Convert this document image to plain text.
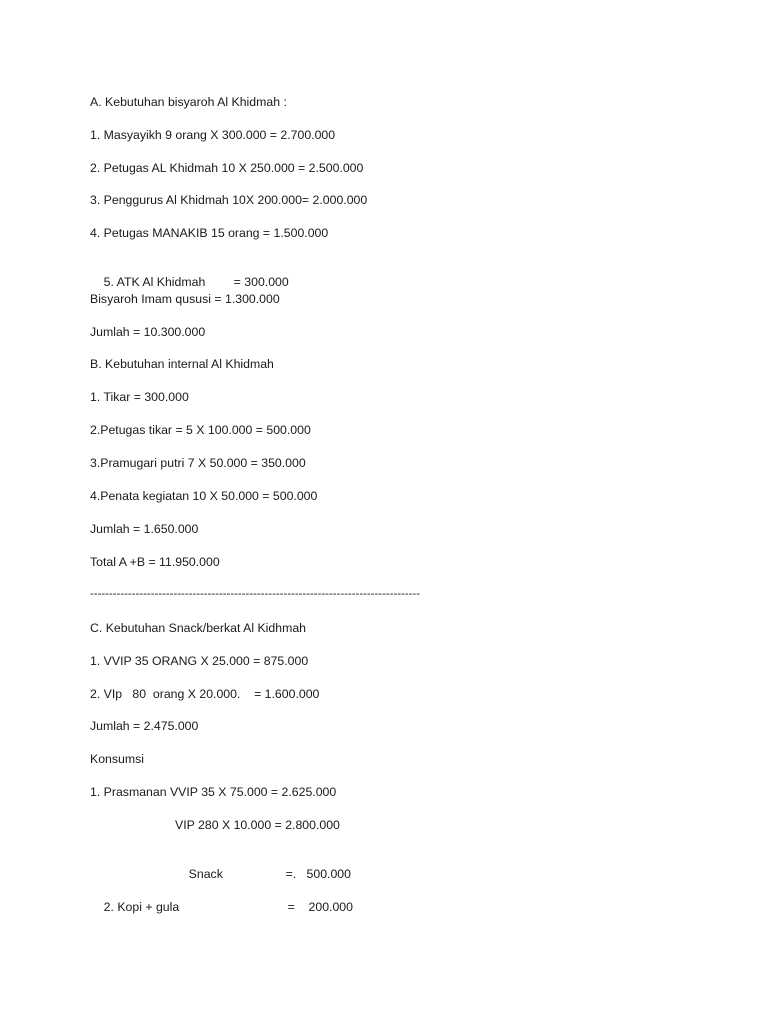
A. Kebutuhan bisyaroh Al Khidmah :
1. Masyayikh 9 orang X 300.000 = 2.700.000
2. Petugas AL Khidmah 10 X 250.000 = 2.500.000
3. Penggurus Al Khidmah 10X 200.000= 2.000.000
4. Petugas MANAKIB 15 orang = 1.500.000

5. ATK Al Khidmah = 300.000

Bisyaroh Imam qususi = 1.300.000
Jumlah = 10.300.000
B. Kebutuhan internal Al Khidmah
1. Tikar = 300.000
2.Petugas tikar = 5 X 100.000 = 500.000
3.Pramugari putri 7 X 50.000 = 350.000
4.Penata kegiatan 10 X 50.000 = 500.000
Jumlah = 1.650.000
Total A +B = 11.950.000
---------------------------------------------------------------------------------------
C. Kebutuhan Snack/berkat Al Kidhmah
1. VVIP 35 ORANG X 25.000 = 875.000
2. VIp   80  orang X 20.000.    = 1.600.000
Jumlah = 2.475.000
Konsumsi
1. Prasmanan VVIP 35 X 75.000 = 2.625.000
VIP 280 X 10.000 = 2.800.000

Snack	=.   500.000

2. Kopi + gula	=    200.000
